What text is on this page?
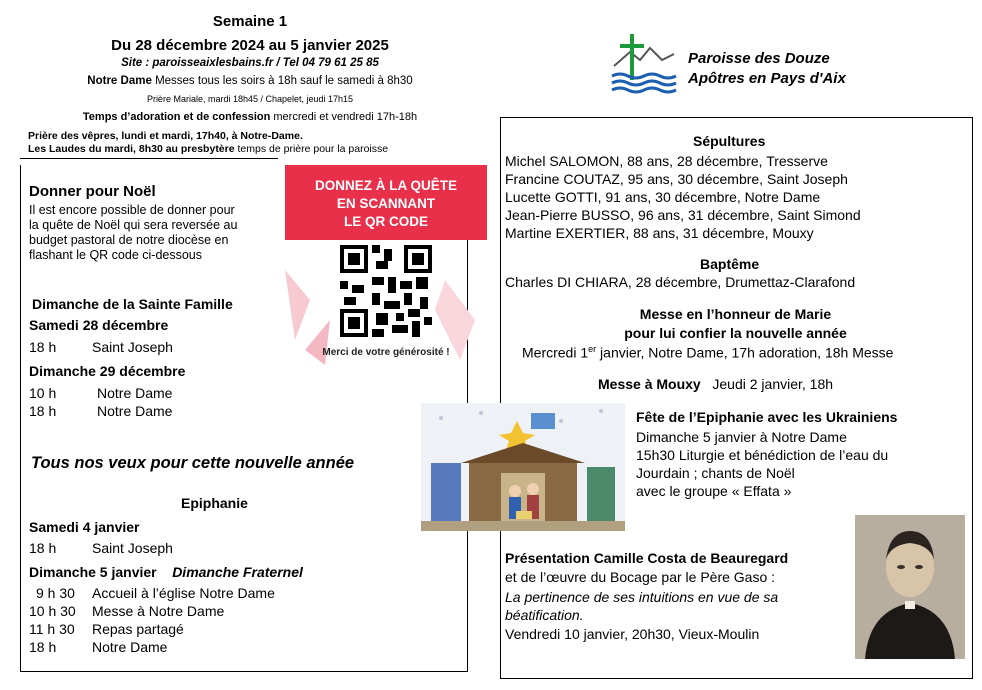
Semaine 1
Du 28 décembre 2024 au 5 janvier 2025
Site : paroisseaixlesbains.fr / Tel 04 79 61 25 85
Notre Dame Messes tous les soirs à 18h sauf le samedi à 8h30
Prière Mariale, mardi 18h45 / Chapelet, jeudi 17h15
Temps d’adoration et de confession mercredi et vendredi 17h-18h
Prière des vêpres, lundi et mardi, 17h40, à Notre-Dame.
Les Laudes du mardi, 8h30 au presbytère temps de prière pour la paroisse
Paroisse des Douze
Apôtres en Pays d'Aix
Donner pour Noël
Il est encore possible de donner pour
la quête de Noël qui sera reversée au
budget pastoral de notre diocèse en
flashant le QR code ci-dessous
DONNEZ À LA QUÊTE
EN SCANNANT
LE QR CODE
Merci de votre générosité !
Dimanche de la Sainte Famille
Samedi 28 décembre
18 h	Saint Joseph
Dimanche 29 décembre
10 h	Notre Dame
18 h	Notre Dame
Tous nos veux pour cette nouvelle année
Epiphanie
Samedi 4 janvier
18 h	Saint Joseph
Dimanche 5 janvier Dimanche Fraternel
9 h 30 Accueil à l’église Notre Dame
10 h 30 Messe à Notre Dame
11 h 30 Repas partagé
18 h	Notre Dame
Sépultures
Michel SALOMON, 88 ans, 28 décembre, Tresserve
Francine COUTAZ, 95 ans, 30 décembre, Saint Joseph
Lucette GOTTI, 91 ans, 30 décembre, Notre Dame
Jean-Pierre BUSSO, 96 ans, 31 décembre, Saint Simond
Martine EXERTIER, 88 ans, 31 décembre, Mouxy
Baptême
Charles DI CHIARA, 28 décembre, Drumettaz-Clarafond
Messe en l’honneur de Marie
pour lui confier la nouvelle année
Mercredi 1er janvier, Notre Dame, 17h adoration, 18h Messe
Messe à Mouxy Jeudi 2 janvier, 18h
Fête de l’Epiphanie avec les Ukrainiens
Dimanche 5 janvier à Notre Dame
15h30 Liturgie et bénédiction de l’eau du
Jourdain ; chants de Noël
avec le groupe « Effata »
Présentation Camille Costa de Beauregard
et de l’œuvre du Bocage par le Père Gaso :
La pertinence de ses intuitions en vue de sa
béatification.
Vendredi 10 janvier, 20h30, Vieux-Moulin
